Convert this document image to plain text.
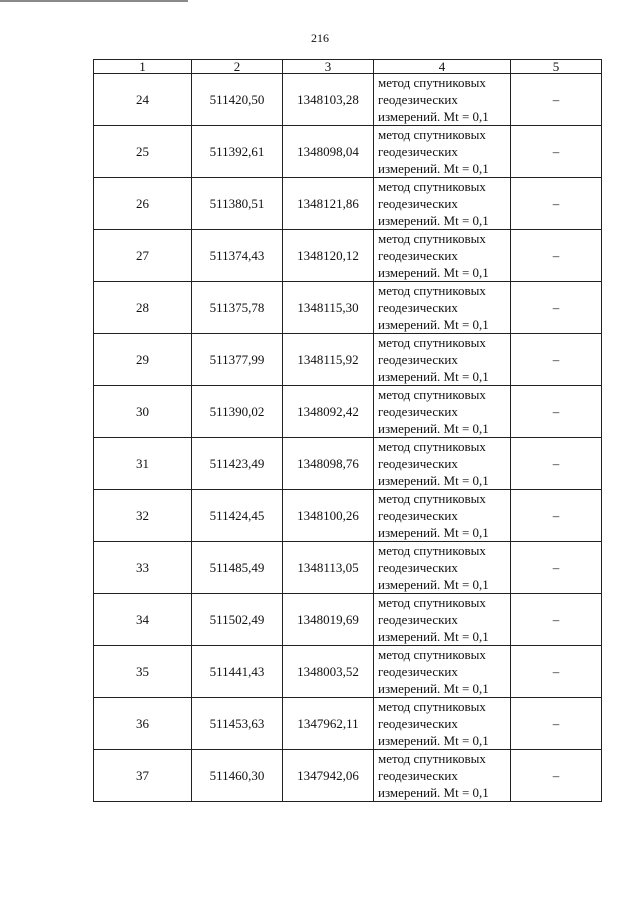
216
1	2	3	4	5
24	511420,50	1348103,28	метод спутниковых
геодезических
измерений. Mt = 0,1	–
25	511392,61	1348098,04	метод спутниковых
геодезических
измерений. Mt = 0,1	–
26	511380,51	1348121,86	метод спутниковых
геодезических
измерений. Mt = 0,1	–
27	511374,43	1348120,12	метод спутниковых
геодезических
измерений. Mt = 0,1	–
28	511375,78	1348115,30	метод спутниковых
геодезических
измерений. Mt = 0,1	–
29	511377,99	1348115,92	метод спутниковых
геодезических
измерений. Mt = 0,1	–
30	511390,02	1348092,42	метод спутниковых
геодезических
измерений. Mt = 0,1	–
31	511423,49	1348098,76	метод спутниковых
геодезических
измерений. Mt = 0,1	–
32	511424,45	1348100,26	метод спутниковых
геодезических
измерений. Mt = 0,1	–
33	511485,49	1348113,05	метод спутниковых
геодезических
измерений. Mt = 0,1	–
34	511502,49	1348019,69	метод спутниковых
геодезических
измерений. Mt = 0,1	–
35	511441,43	1348003,52	метод спутниковых
геодезических
измерений. Mt = 0,1	–
36	511453,63	1347962,11	метод спутниковых
геодезических
измерений. Mt = 0,1	–
37	511460,30	1347942,06	метод спутниковых
геодезических
измерений. Mt = 0,1	–
